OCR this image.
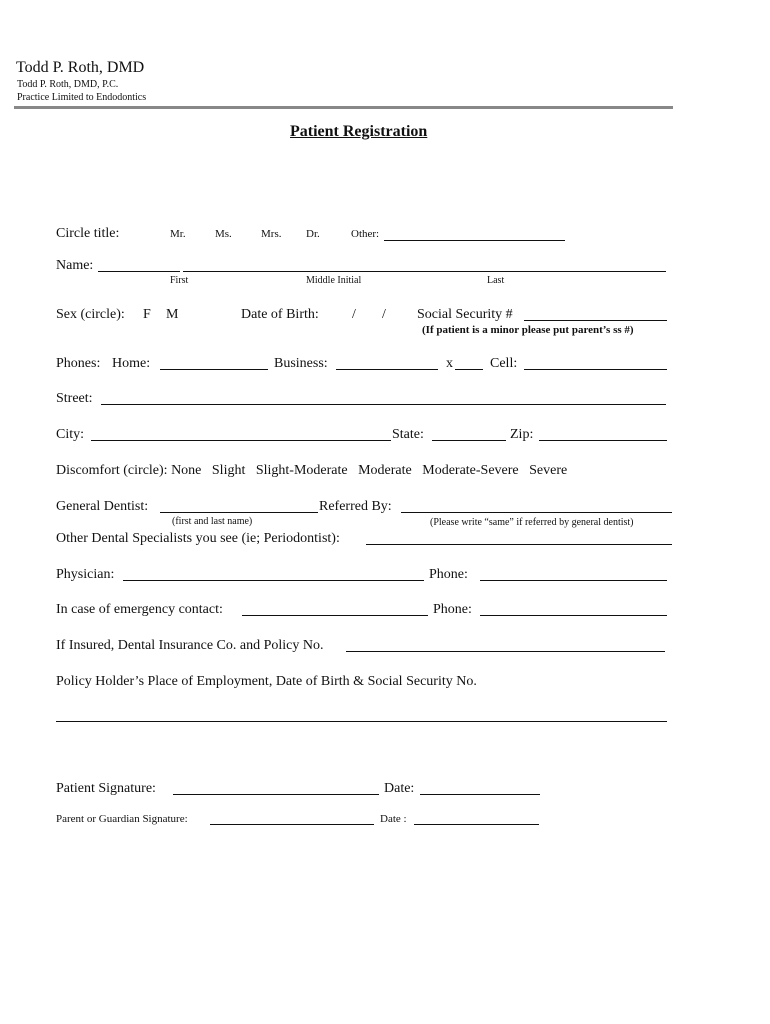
Todd P. Roth, DMD
Todd P. Roth, DMD, P.C.
Practice Limited to Endodontics
Patient Registration
Circle title:	Mr.	Ms.	Mrs. Dr.	Other:
Name:
First	Middle Initial	Last
Sex (circle): F M	Date of Birth: / / Social Security #
(If patient is a minor please put parent’s ss #)
Phones: Home:	Business:	x	Cell:
Street:
City:	State:	Zip:
Discomfort (circle): None   Slight   Slight-Moderate   Moderate   Moderate-Severe   Severe
General Dentist:	Referred By:
(first and last name)	(Please write “same” if referred by general dentist)
Other Dental Specialists you see (ie; Periodontist):
Physician:	Phone:
In case of emergency contact:	Phone:
If Insured, Dental Insurance Co. and Policy No.
Policy Holder’s Place of Employment, Date of Birth & Social Security No.
Patient Signature:	Date:
Parent or Guardian Signature:	Date :
